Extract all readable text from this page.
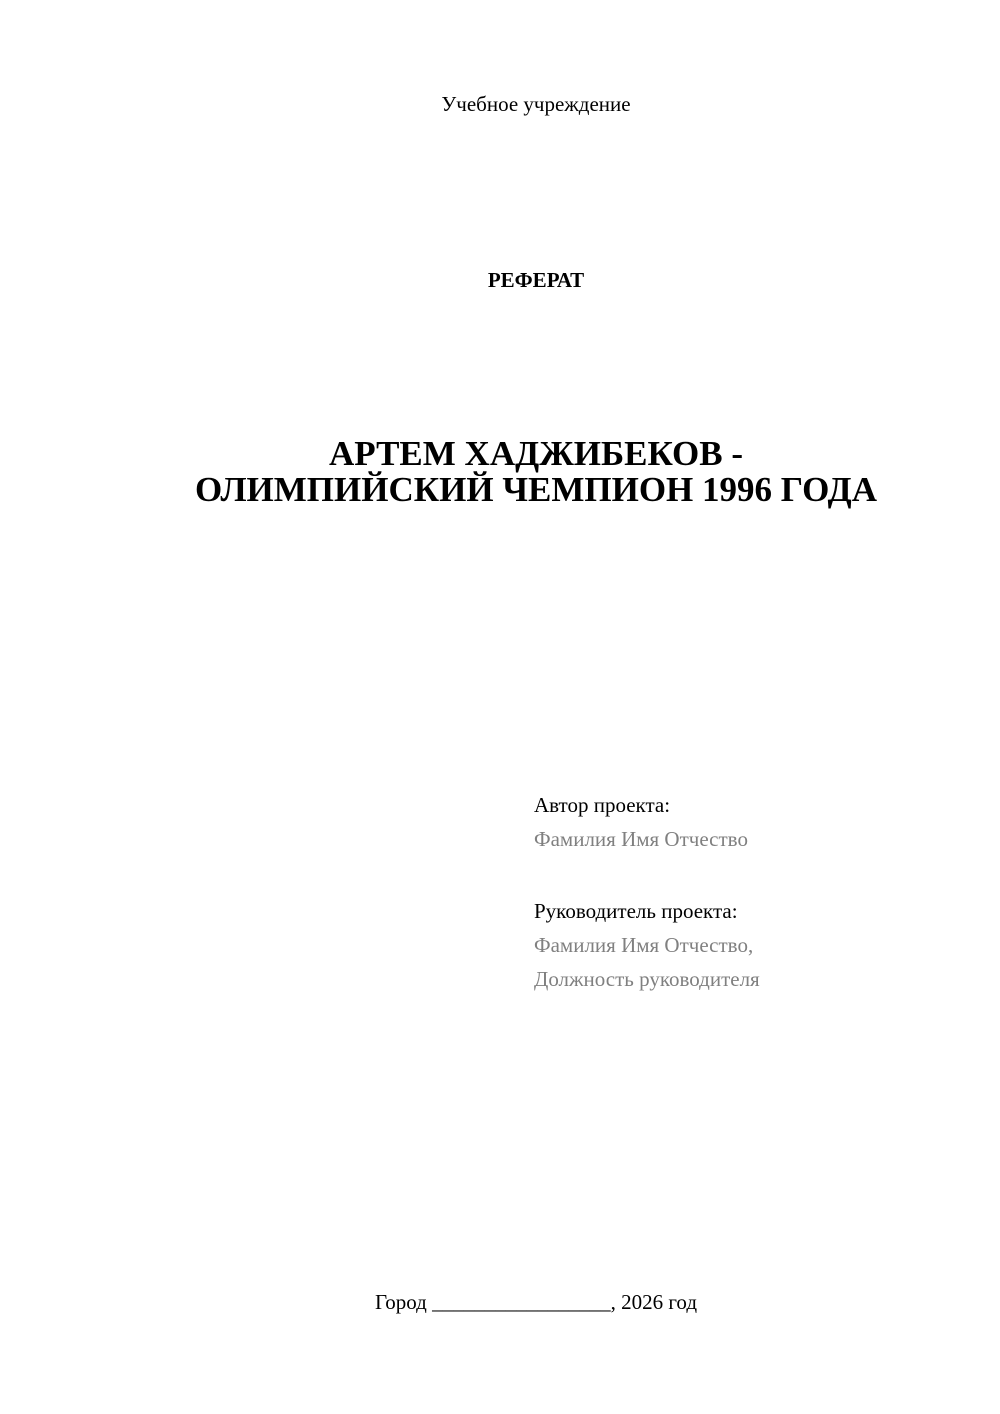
Учебное учреждение
РЕФЕРАТ
АРТЕМ ХАДЖИБЕКОВ -
ОЛИМПИЙСКИЙ ЧЕМПИОН 1996 ГОДА
Автор проекта:
Фамилия Имя Отчество
Руководитель проекта:
Фамилия Имя Отчество,
Должность руководителя
Город _________________, 2026 год
